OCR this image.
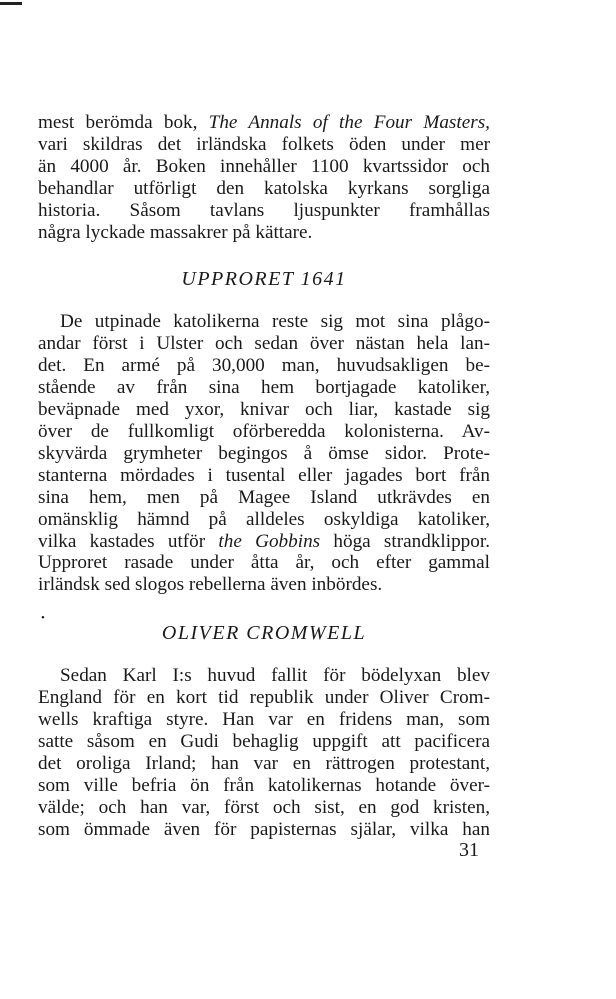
mest berömda bok, The Annals of the Four Masters,
vari skildras det irländska folkets öden under mer
än 4000 år. Boken innehåller 1100 kvartssidor och
behandlar utförligt den katolska kyrkans sorgliga
historia. Såsom tavlans ljuspunkter framhållas
några lyckade massakrer på kättare.

UPPRORET 1641

De utpinade katolikerna reste sig mot sina plågo-
andar först i Ulster och sedan över nästan hela lan-
det. En armé på 30,000 man, huvudsakligen be-
stående av från sina hem bortjagade katoliker,
beväpnade med yxor, knivar och liar, kastade sig
över de fullkomligt oförberedda kolonisterna. Av-
skyvärda grymheter begingos å ömse sidor. Prote-
stanterna mördades i tusental eller jagades bort från
sina hem, men på Magee Island utkrävdes en
omänsklig hämnd på alldeles oskyldiga katoliker,
vilka kastades utför the Gobbins höga strandklippor.
Upproret rasade under åtta år, och efter gammal
irländsk sed slogos rebellerna även inbördes.

OLIVER CROMWELL

Sedan Karl I:s huvud fallit för bödelyxan blev
England för en kort tid republik under Oliver Crom-
wells kraftiga styre. Han var en fridens man, som
satte såsom en Gudi behaglig uppgift att pacificera
det oroliga Irland; han var en rättrogen protestant,
som ville befria ön från katolikernas hotande över-
välde; och han var, först och sist, en god kristen,
som ömmade även för papisternas själar, vilka han

•
31
